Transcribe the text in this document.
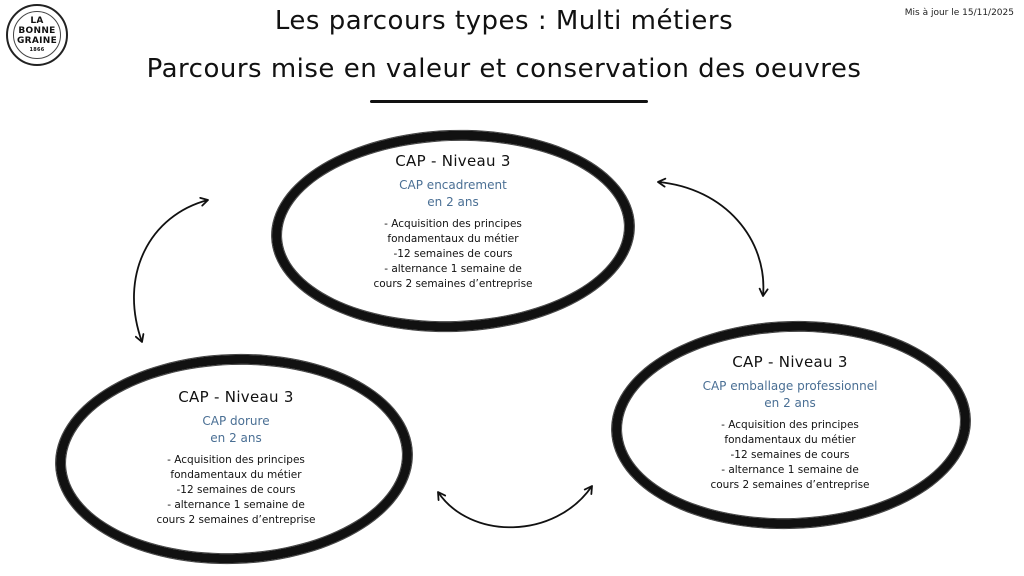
LA
BONNE
GRAINE
1866
Mis à jour le 15/11/2025
Les parcours types : Multi métiers
Parcours mise en valeur et conservation des oeuvres
CAP - Niveau 3
CAP encadrement
en 2 ans
- Acquisition des principes
fondamentaux du métier
-12 semaines de cours
- alternance 1 semaine de
cours 2 semaines d’entreprise
CAP - Niveau 3
CAP dorure
en 2 ans
- Acquisition des principes
fondamentaux du métier
-12 semaines de cours
- alternance 1 semaine de
cours 2 semaines d’entreprise
CAP - Niveau 3
CAP emballage professionnel
en 2 ans
- Acquisition des principes
fondamentaux du métier
-12 semaines de cours
- alternance 1 semaine de
cours 2 semaines d’entreprise
